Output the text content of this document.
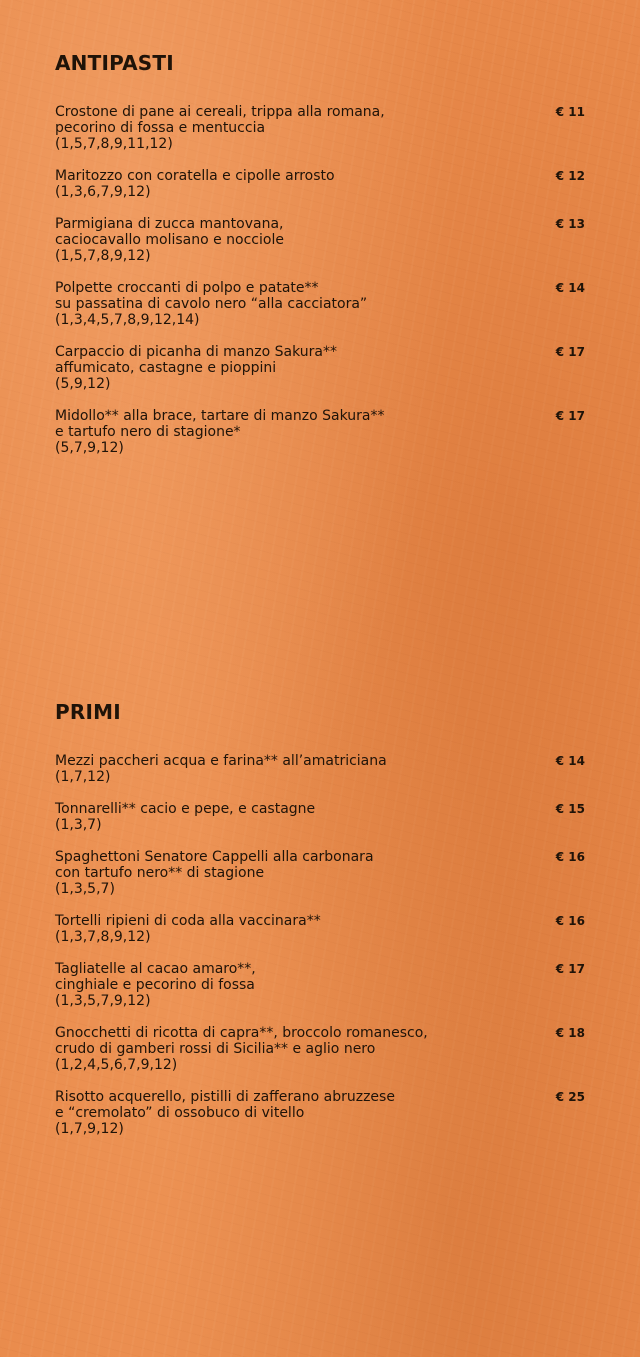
ANTIPASTI
Crostone di pane ai cereali, trippa alla romana,
pecorino di fossa e mentuccia
(1,5,7,8,9,11,12)
€ 11
Maritozzo con coratella e cipolle arrosto
(1,3,6,7,9,12)
€ 12
Parmigiana di zucca mantovana,
caciocavallo molisano e nocciole
(1,5,7,8,9,12)
€ 13
Polpette croccanti di polpo e patate**
su passatina di cavolo nero “alla cacciatora”
(1,3,4,5,7,8,9,12,14)
€ 14
Carpaccio di picanha di manzo Sakura**
affumicato, castagne e pioppini
(5,9,12)
€ 17
Midollo** alla brace, tartare di manzo Sakura**
e tartufo nero di stagione*
(5,7,9,12)
€ 17
PRIMI
Mezzi paccheri acqua e farina** all’amatriciana
(1,7,12)
€ 14
Tonnarelli** cacio e pepe, e castagne
(1,3,7)
€ 15
Spaghettoni Senatore Cappelli alla carbonara
con tartufo nero** di stagione
(1,3,5,7)
€ 16
Tortelli ripieni di coda alla vaccinara**
(1,3,7,8,9,12)
€ 16
Tagliatelle al cacao amaro**,
cinghiale e pecorino di fossa
(1,3,5,7,9,12)
€ 17
Gnocchetti di ricotta di capra**, broccolo romanesco,
crudo di gamberi rossi di Sicilia** e aglio nero
(1,2,4,5,6,7,9,12)
€ 18
Risotto acquerello, pistilli di zafferano abruzzese
e “cremolato” di ossobuco di vitello
(1,7,9,12)
€ 25
